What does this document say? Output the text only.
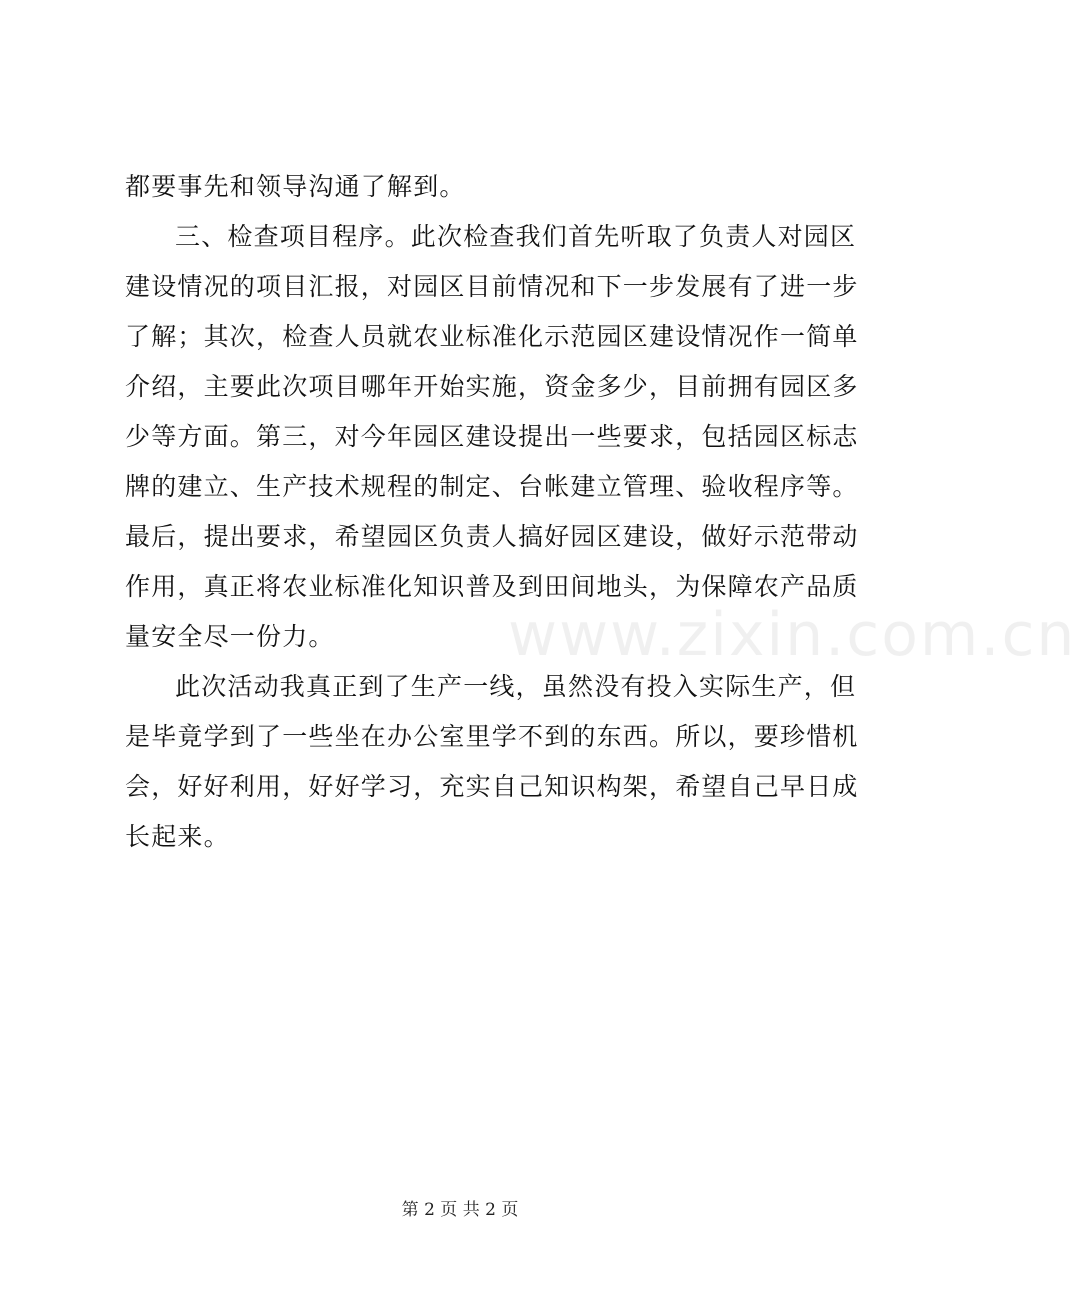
都要事先和领导沟通了解到。
三、检查项目程序。此次检查我们首先听取了负责人对园区
建设情况的项目汇报，对园区目前情况和下一步发展有了进一步
了解；其次，检查人员就农业标准化示范园区建设情况作一简单
介绍，主要此次项目哪年开始实施，资金多少，目前拥有园区多
少等方面。第三，对今年园区建设提出一些要求，包括园区标志
牌的建立、生产技术规程的制定、台帐建立管理、验收程序等。
最后，提出要求，希望园区负责人搞好园区建设，做好示范带动
作用，真正将农业标准化知识普及到田间地头，为保障农产品质
量安全尽一份力。
此次活动我真正到了生产一线，虽然没有投入实际生产，但
是毕竟学到了一些坐在办公室里学不到的东西。所以，要珍惜机
会，好好利用，好好学习，充实自己知识构架，希望自己早日成
长起来。
www.zixin.com.cn
第 2 页 共 2 页
